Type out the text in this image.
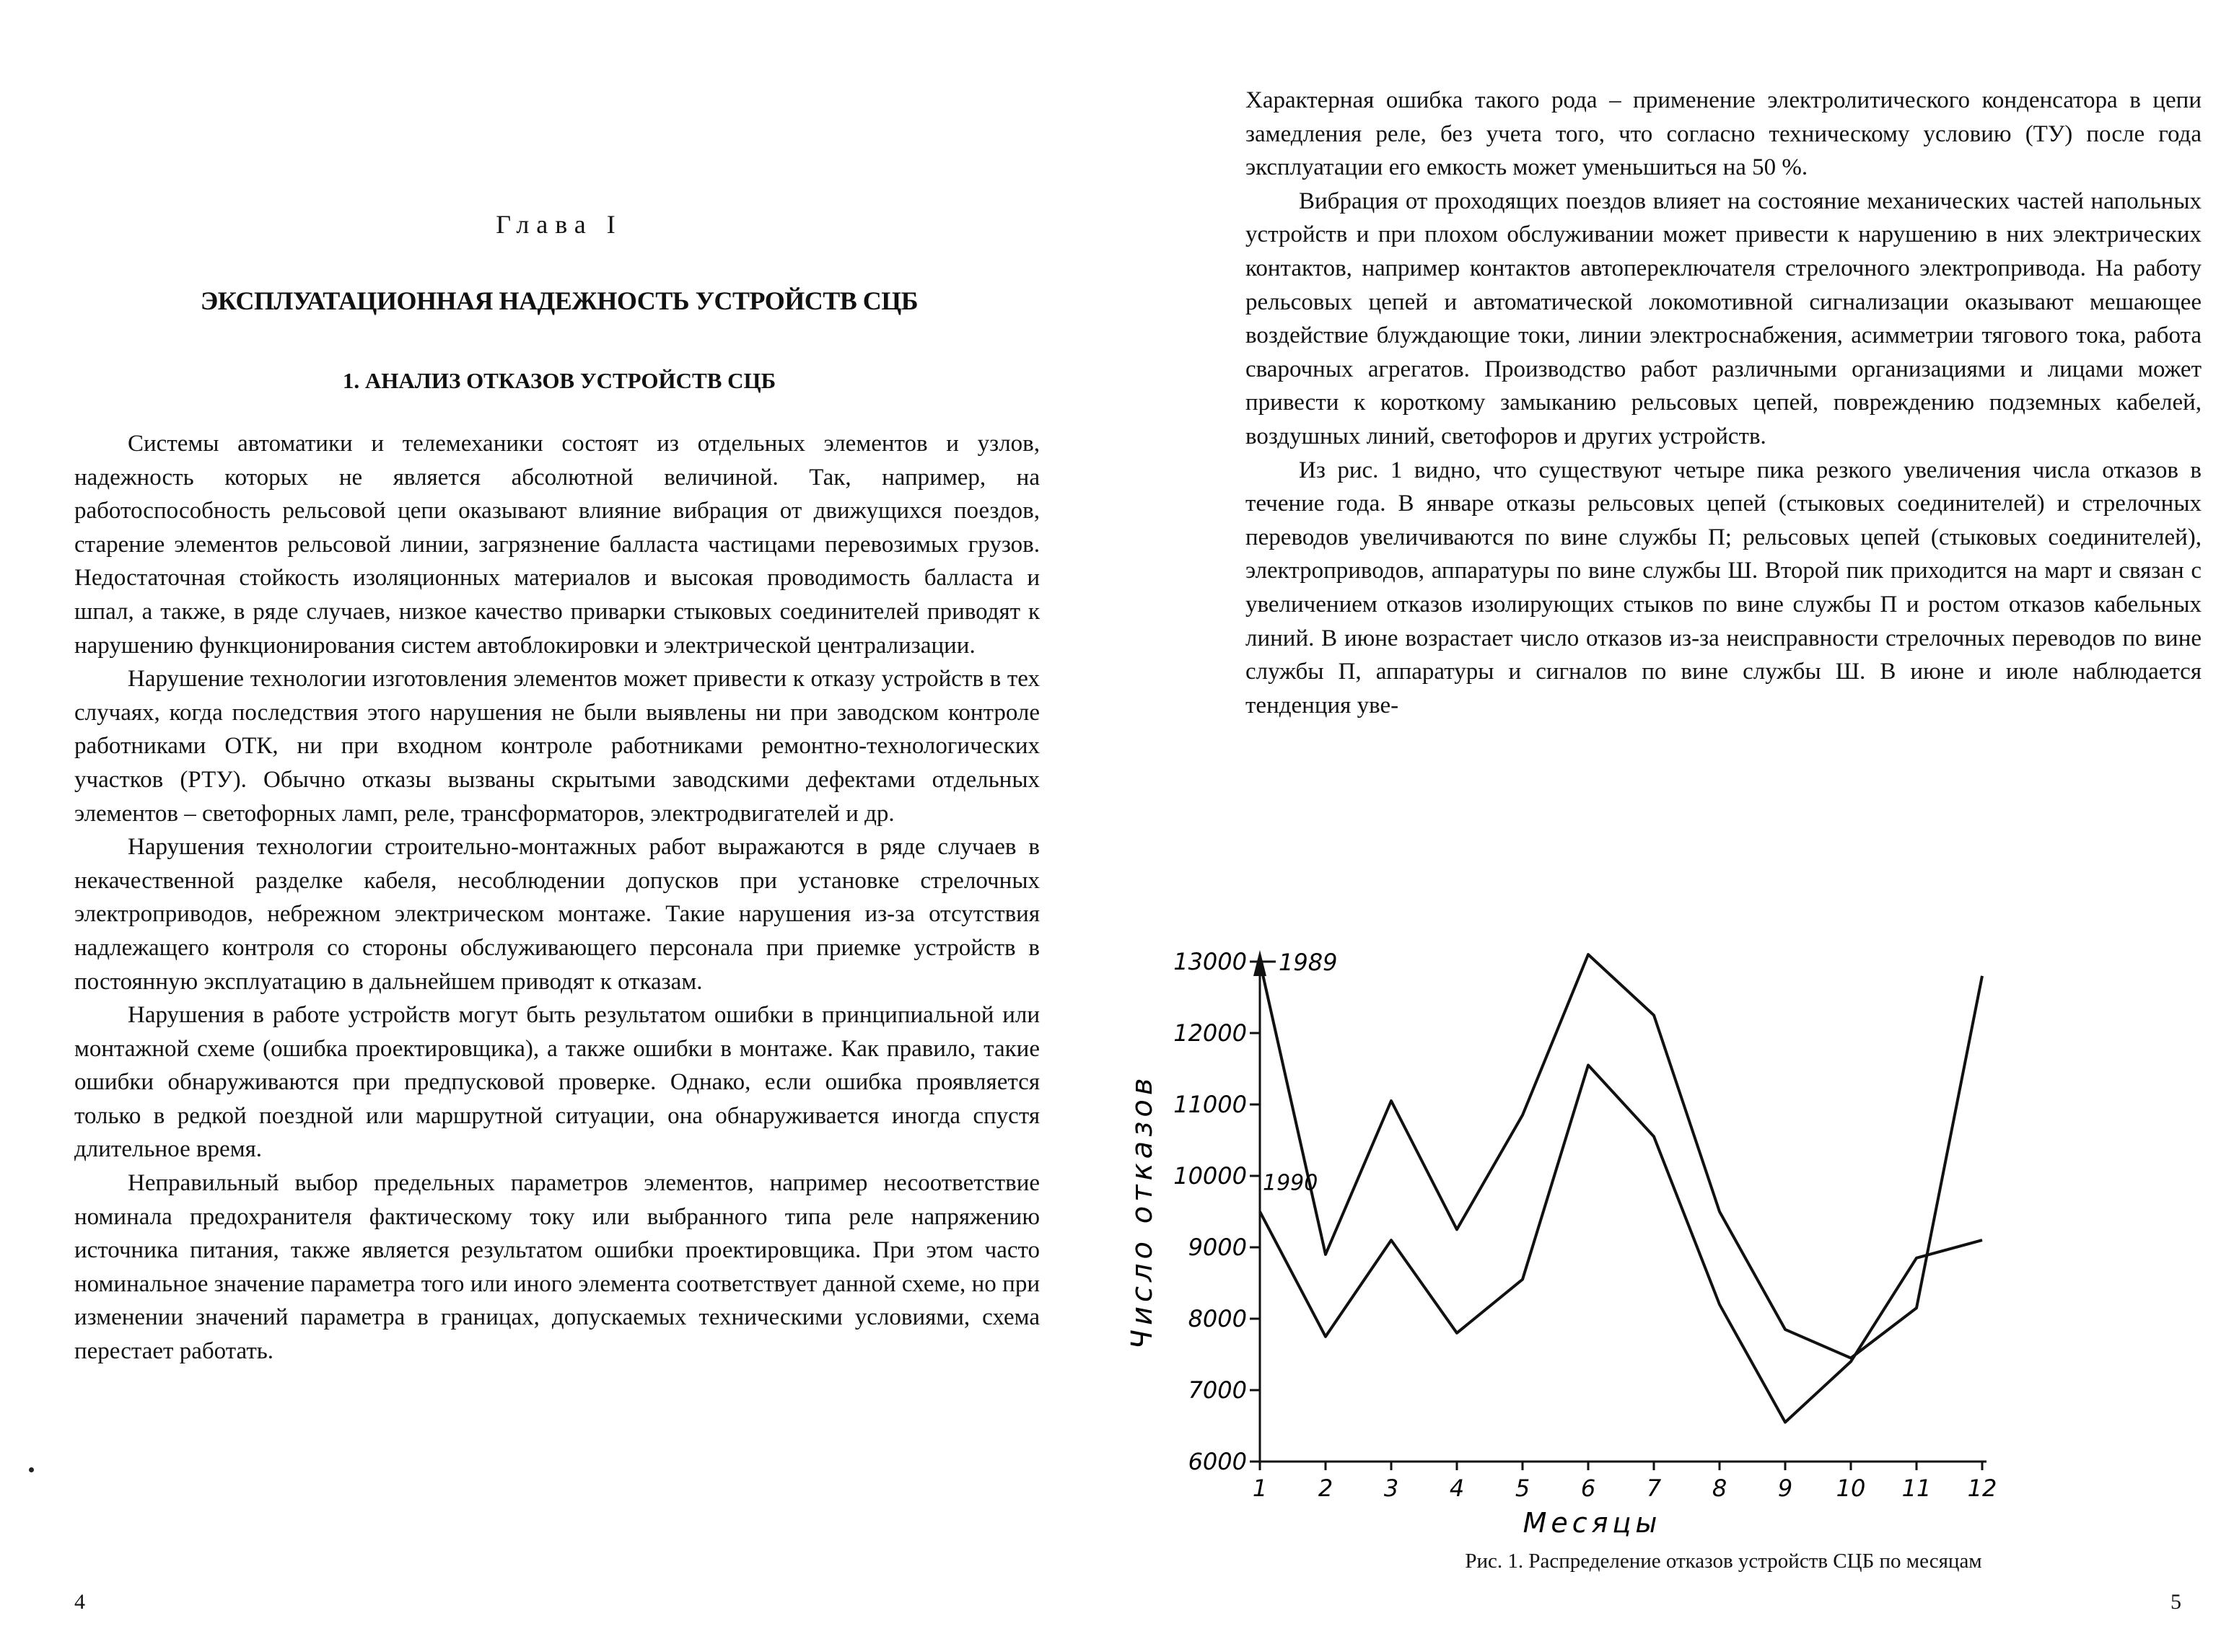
Глава I
ЭКСПЛУАТАЦИОННАЯ НАДЕЖНОСТЬ УСТРОЙСТВ СЦБ
1. АНАЛИЗ ОТКАЗОВ УСТРОЙСТВ СЦБ

Системы автоматики и телемеханики состоят из отдельных элементов и узлов, надежность которых не является абсолютной величиной. Так, например, на работоспособность рельсовой цепи оказывают влияние вибрация от движущихся поездов, старение элементов рельсовой линии, загрязнение балласта частицами перевозимых грузов. Недостаточная стойкость изоляционных материалов и высокая проводимость балласта и шпал, а также, в ряде случаев, низкое качество приварки стыковых соединителей приводят к нарушению функционирования систем автоблокировки и электрической централизации.

Нарушение технологии изготовления элементов может привести к отказу устройств в тех случаях, когда последствия этого нарушения не были выявлены ни при заводском контроле работниками ОТК, ни при входном контроле работниками ремонтно-технологических участков (РТУ). Обычно отказы вызваны скрытыми заводскими дефектами отдельных элементов – светофорных ламп, реле, трансформаторов, электродвигателей и др.

Нарушения технологии строительно-монтажных работ выражаются в ряде случаев в некачественной разделке кабеля, несоблюдении допусков при установке стрелочных электроприводов, небрежном электрическом монтаже. Такие нарушения из-за отсутствия надлежащего контроля со стороны обслуживающего персонала при приемке устройств в постоянную эксплуатацию в дальнейшем приводят к отказам.

Нарушения в работе устройств могут быть результатом ошибки в принципиальной или монтажной схеме (ошибка проектировщика), а также ошибки в монтаже. Как правило, такие ошибки обнаруживаются при предпусковой проверке. Однако, если ошибка проявляется только в редкой поездной или маршрутной ситуации, она обнаруживается иногда спустя длительное время.

Неправильный выбор предельных параметров элементов, например несоответствие номинала предохранителя фактическому току или выбранного типа реле напряжению источника питания, также является результатом ошибки проектировщика. При этом часто номинальное значение параметра того или иного элемента соответствует данной схеме, но при изменении значений параметра в границах, допускаемых техническими условиями, схема перестает работать.

4

Характерная ошибка такого рода – применение электролитического конденсатора в цепи замедления реле, без учета того, что согласно техническому условию (ТУ) после года эксплуатации его емкость может уменьшиться на 50 %.

Вибрация от проходящих поездов влияет на состояние механических частей напольных устройств и при плохом обслуживании может привести к нарушению в них электрических контактов, например контактов автопереключателя стрелочного электропривода. На работу рельсовых цепей и автоматической локомотивной сигнализации оказывают мешающее воздействие блуждающие токи, линии электроснабжения, асимметрии тягового тока, работа сварочных агрегатов. Производство работ различными организациями и лицами может привести к короткому замыканию рельсовых цепей, повреждению подземных кабелей, воздушных линий, светофоров и других устройств.

Из рис. 1 видно, что существуют четыре пика резкого увеличения числа отказов в течение года. В январе отказы рельсовых цепей (стыковых соединителей) и стрелочных переводов увеличиваются по вине службы П; рельсовых цепей (стыковых соединителей), электроприводов, аппаратуры по вине службы Ш. Второй пик приходится на март и связан с увеличением отказов изолирующих стыков по вине службы П и ростом отказов кабельных линий. В июне возрастает число отказов из-за неисправности стрелочных переводов по вине службы П, аппаратуры и сигналов по вине службы Ш. В июне и июле наблюдается тенденция уве-

6000
7000
8000
9000
10000
11000
12000
13000
1 2 3 4 5 6 7 8 9 10 11 12
Месяцы
Число отказов
1989
1990
Рис. 1. Распределение отказов устройств СЦБ по месяцам
5
